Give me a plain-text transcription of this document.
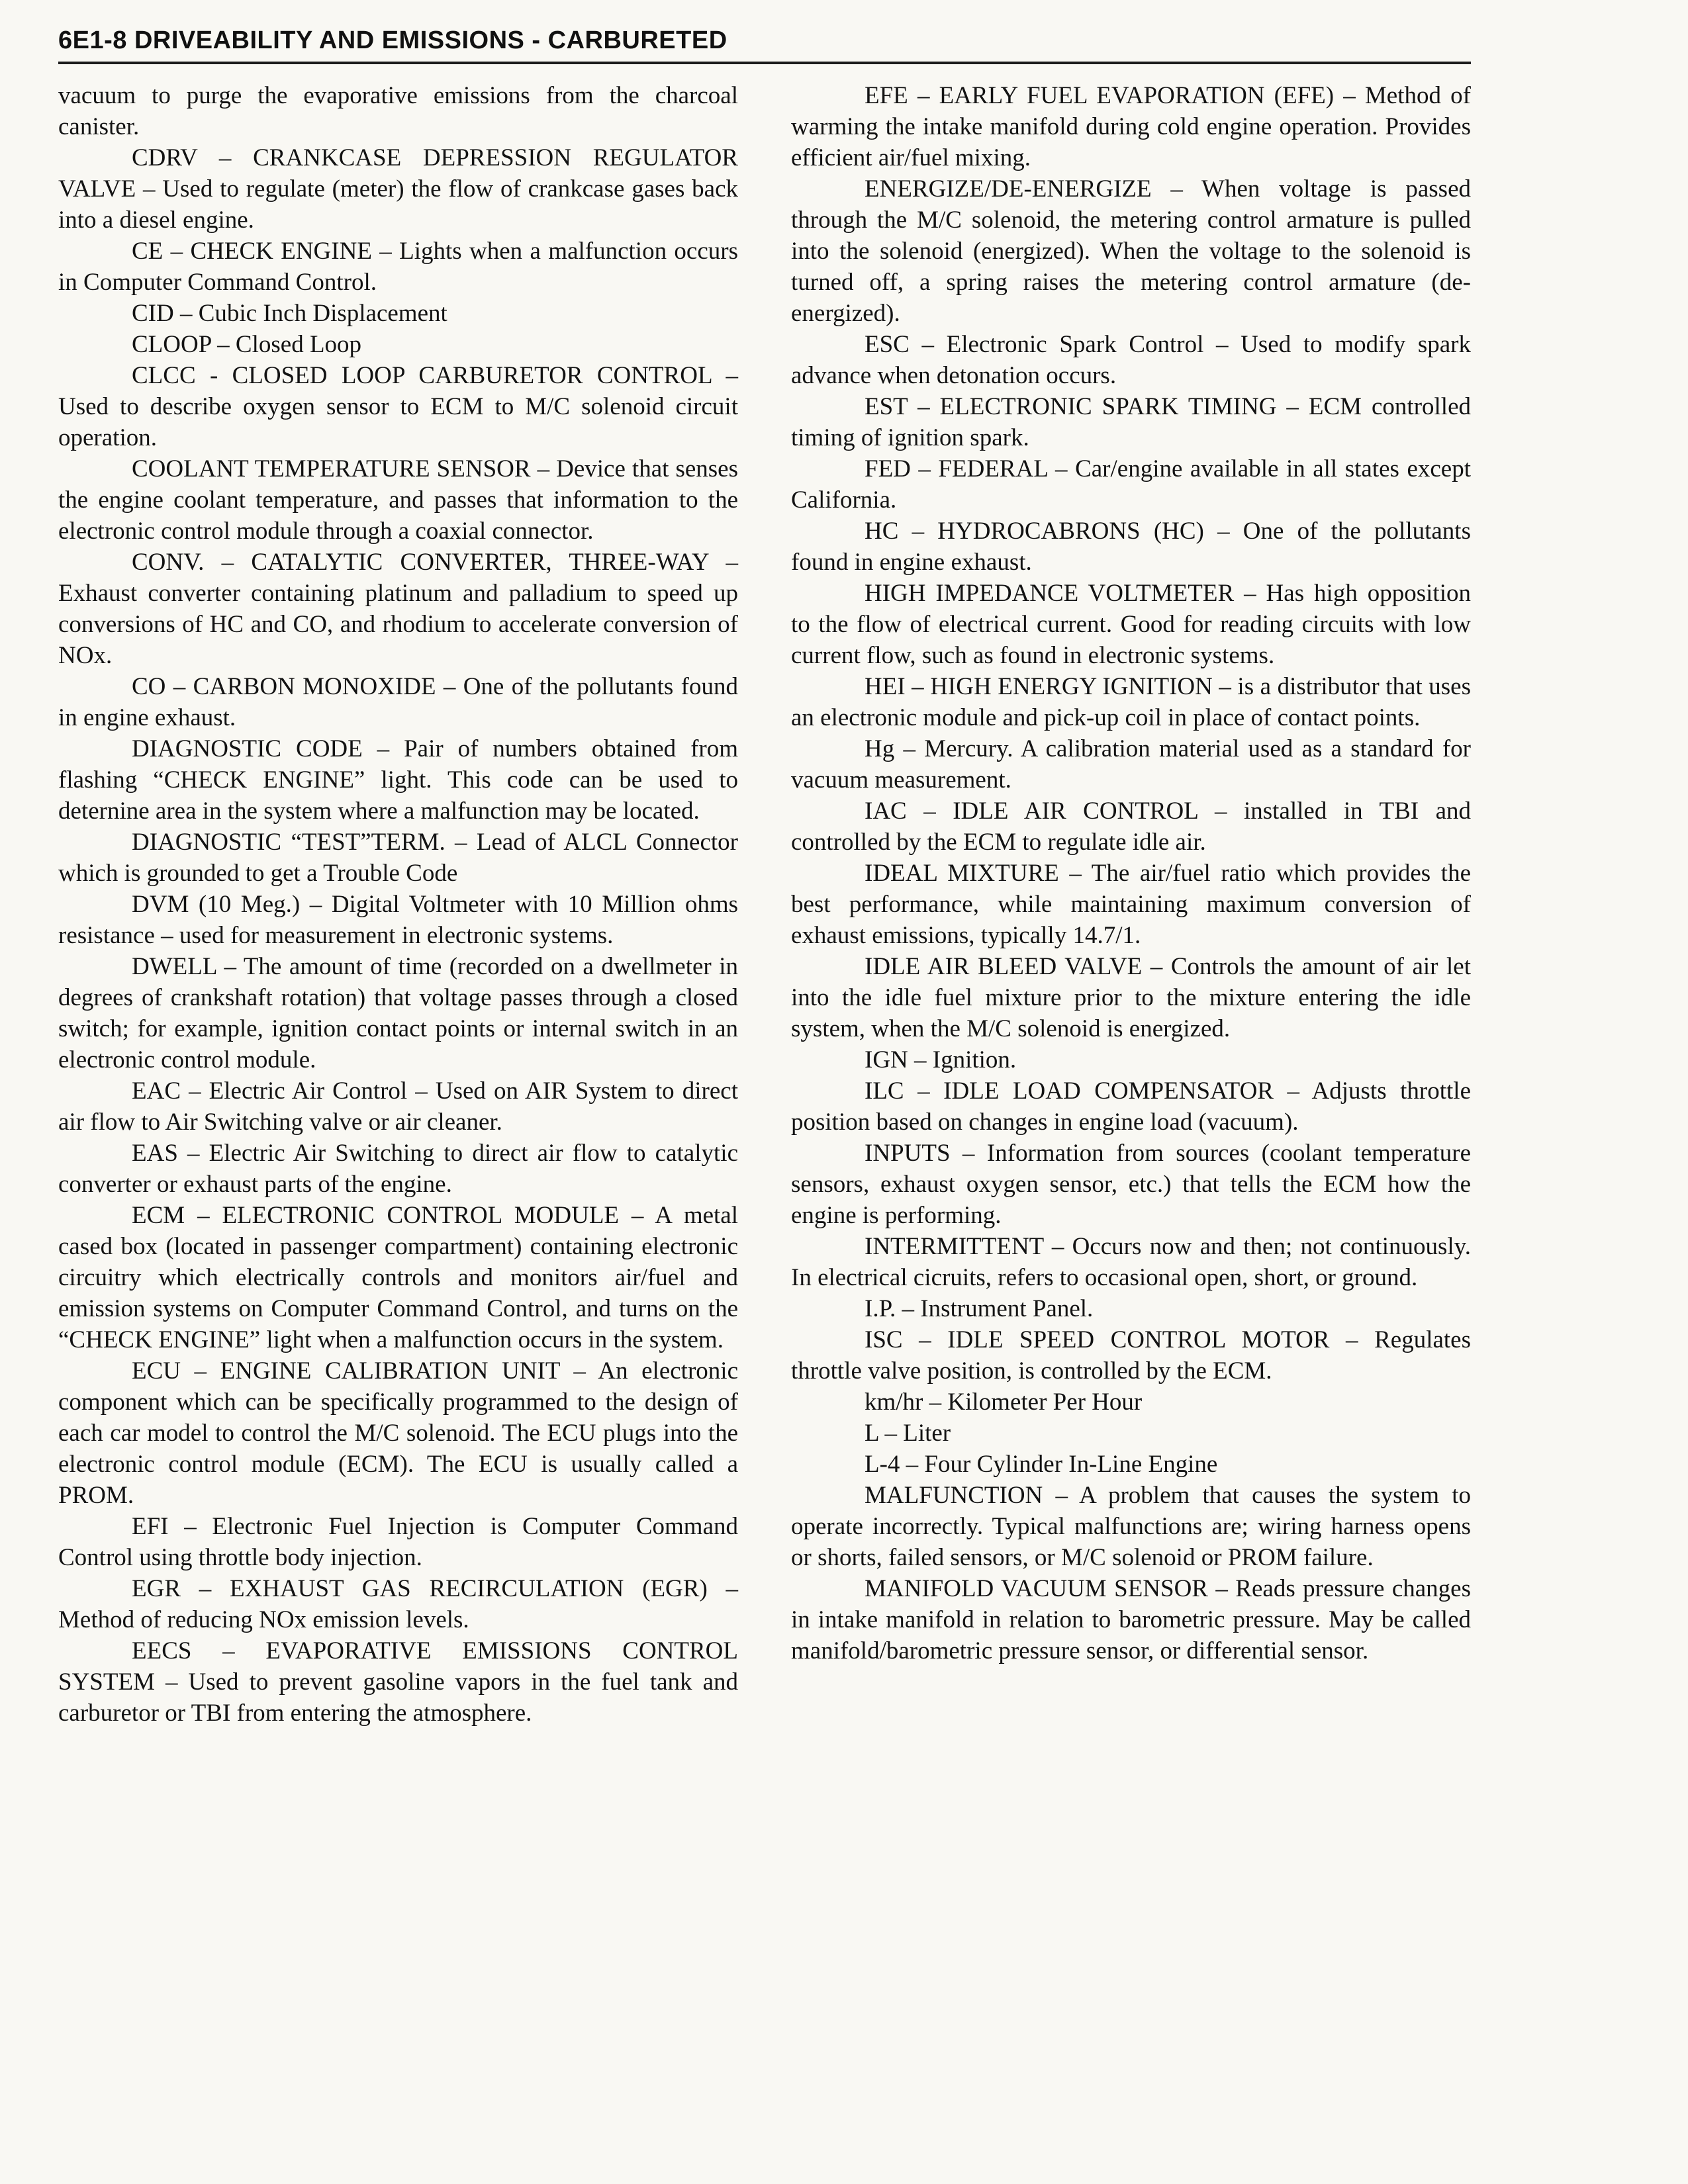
6E1-8 DRIVEABILITY AND EMISSIONS - CARBURETED

vacuum to purge the evaporative emissions from the charcoal canister.

CDRV – CRANKCASE DEPRESSION REGULATOR VALVE – Used to regulate (meter) the flow of crankcase gases back into a diesel engine.

CE – CHECK ENGINE – Lights when a malfunction occurs in Computer Command Control.

CID – Cubic Inch Displacement

CLOOP – Closed Loop

CLCC - CLOSED LOOP CARBURETOR CONTROL – Used to describe oxygen sensor to ECM to M/C solenoid circuit operation.

COOLANT TEMPERATURE SENSOR – Device that senses the engine coolant temperature, and passes that information to the electronic control module through a coaxial connector.

CONV. – CATALYTIC CONVERTER, THREE-WAY – Exhaust converter containing platinum and palladium to speed up conversions of HC and CO, and rhodium to accelerate conversion of NOx.

CO – CARBON MONOXIDE – One of the pollutants found in engine exhaust.

DIAGNOSTIC CODE – Pair of numbers obtained from flashing “CHECK ENGINE” light. This code can be used to deternine area in the system where a malfunction may be located.

DIAGNOSTIC “TEST”TERM. – Lead of ALCL Connector which is grounded to get a Trouble Code

DVM (10 Meg.) – Digital Voltmeter with 10 Million ohms resistance – used for measurement in electronic systems.

DWELL – The amount of time (recorded on a dwellmeter in degrees of crankshaft rotation) that voltage passes through a closed switch; for example, ignition contact points or internal switch in an electronic control module.

EAC – Electric Air Control – Used on AIR System to direct air flow to Air Switching valve or air cleaner.

EAS – Electric Air Switching to direct air flow to catalytic converter or exhaust parts of the engine.

ECM – ELECTRONIC CONTROL MODULE – A metal cased box (located in passenger compartment) containing electronic circuitry which electrically controls and monitors air/fuel and emission systems on Computer Command Control, and turns on the “CHECK ENGINE” light when a malfunction occurs in the system.

ECU – ENGINE CALIBRATION UNIT – An electronic component which can be specifically programmed to the design of each car model to control the M/C solenoid. The ECU plugs into the electronic control module (ECM). The ECU is usually called a PROM.

EFI – Electronic Fuel Injection is Computer Command Control using throttle body injection.

EGR – EXHAUST GAS RECIRCULATION (EGR) – Method of reducing NOx emission levels.

EECS – EVAPORATIVE EMISSIONS CONTROL SYSTEM – Used to prevent gasoline vapors in the fuel tank and carburetor or TBI from entering the atmosphere.

EFE – EARLY FUEL EVAPORATION (EFE) – Method of warming the intake manifold during cold engine operation. Provides efficient air/fuel mixing.

ENERGIZE/DE-ENERGIZE – When voltage is passed through the M/C solenoid, the metering control armature is pulled into the solenoid (energized). When the voltage to the solenoid is turned off, a spring raises the metering control armature (de-energized).

ESC – Electronic Spark Control – Used to modify spark advance when detonation occurs.

EST – ELECTRONIC SPARK TIMING – ECM controlled timing of ignition spark.

FED – FEDERAL – Car/engine available in all states except California.

HC – HYDROCABRONS (HC) – One of the pollutants found in engine exhaust.

HIGH IMPEDANCE VOLTMETER – Has high opposition to the flow of electrical current. Good for reading circuits with low current flow, such as found in electronic systems.

HEI – HIGH ENERGY IGNITION – is a distributor that uses an electronic module and pick-up coil in place of contact points.

Hg – Mercury. A calibration material used as a standard for vacuum measurement.

IAC – IDLE AIR CONTROL – installed in TBI and controlled by the ECM to regulate idle air.

IDEAL MIXTURE – The air/fuel ratio which provides the best performance, while maintaining maximum conversion of exhaust emissions, typically 14.7/1.

IDLE AIR BLEED VALVE – Controls the amount of air let into the idle fuel mixture prior to the mixture entering the idle system, when the M/C solenoid is energized.

IGN – Ignition.

ILC – IDLE LOAD COMPENSATOR – Adjusts throttle position based on changes in engine load (vacuum).

INPUTS – Information from sources (coolant temperature sensors, exhaust oxygen sensor, etc.) that tells the ECM how the engine is performing.

INTERMITTENT – Occurs now and then; not continuously. In electrical cicruits, refers to occasional open, short, or ground.

I.P. – Instrument Panel.

ISC – IDLE SPEED CONTROL MOTOR – Regulates throttle valve position, is controlled by the ECM.

km/hr – Kilometer Per Hour

L – Liter

L-4 – Four Cylinder In-Line Engine

MALFUNCTION – A problem that causes the system to operate incorrectly. Typical malfunctions are; wiring harness opens or shorts, failed sensors, or M/C solenoid or PROM failure.

MANIFOLD VACUUM SENSOR – Reads pressure changes in intake manifold in relation to barometric pressure. May be called manifold/barometric pressure sensor, or differential sensor.
